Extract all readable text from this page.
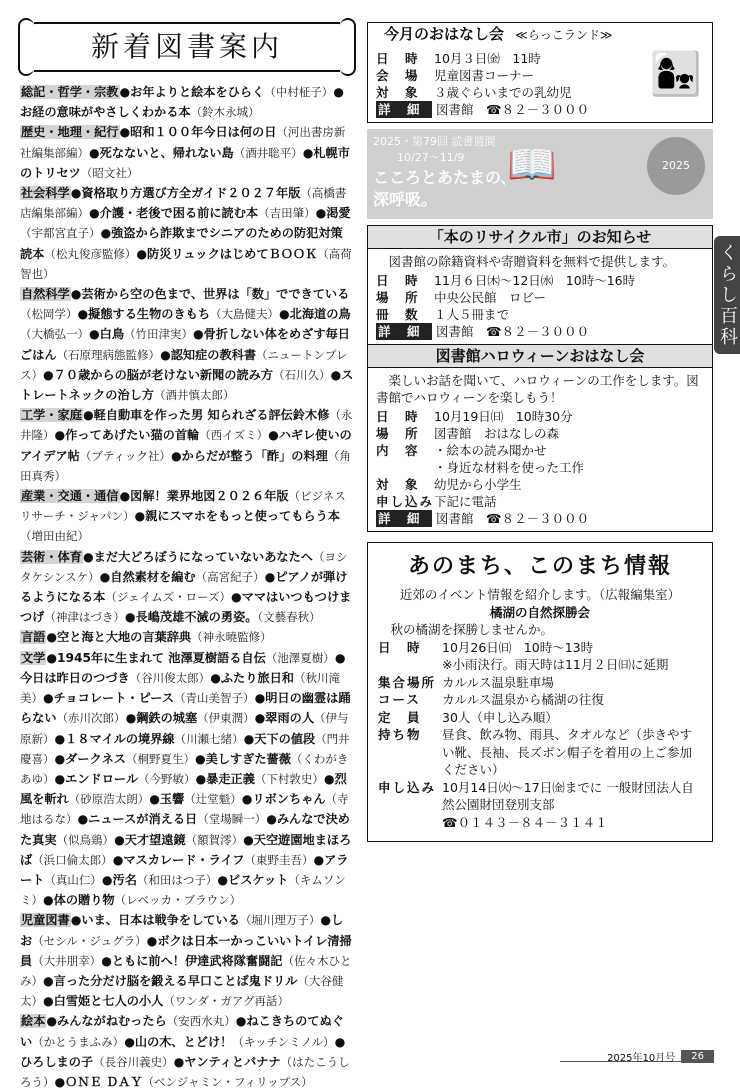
新着図書案内

総記・哲学・宗教●お年よりと絵本をひらく（中村柾子）●お経の意味がやさしくわかる本（鈴木永城）

歴史・地理・紀行●昭和１００年今日は何の日（河出書房新社編集部編）●死なないと、帰れない島（酒井聡平）●札幌市のトリセツ（昭文社）

社会科学●資格取り方選び方全ガイド２０２７年版（高橋書店編集部編）●介護・老後で困る前に読む本（吉田肇）●渇愛（宇都宮直子）●強盗から詐欺までシニアのための防犯対策読本（松丸俊彦監修）●防災リュックはじめてＢＯＯＫ（高荷智也）

自然科学●芸術から空の色まで、世界は「数」でできている（松岡学）●擬態する生物のきもち（大島健夫）●北海道の鳥（大橋弘一）●白鳥（竹田津実）●骨折しない体をめざす毎日ごはん（石原理病態監修）●認知症の教科書（ニュートンプレス）●７０歳からの脳が老けない新聞の読み方（石川久）●ストレートネックの治し方（酒井慎太郎）

工学・家庭●軽自動車を作った男 知られざる評伝鈴木修（永井隆）●作ってあげたい猫の首輪（西イズミ）●ハギレ使いのアイデア帖（ブティック社）●からだが整う「酢」の料理（角田真秀）

産業・交通・通信●図解！業界地図２０２６年版（ビジネスリサーチ・ジャパン）●親にスマホをもっと使ってもらう本（増田由紀）

芸術・体育●まだ大どろぼうになっていないあなたへ（ヨシタケシンスケ）●自然素材を編む（高宮紀子）●ピアノが弾けるようになる本（ジェイムズ・ローズ）●ママはいつもつけまつげ（神津はづき）●長嶋茂雄不滅の勇姿。（文藝春秋）

言語●空と海と大地の言葉辞典（神永曉監修）

文学●1945年に生まれて 池澤夏樹語る自伝（池澤夏樹）●今日は昨日のつづき（谷川俊太郎）●ふたり旅日和（秋川滝美）●チョコレート・ピース（青山美智子）●明日の幽霊は踊らない（赤川次郎）●鋼鉄の城塞（伊東潤）●翠雨の人（伊与原新）●１８マイルの境界線（川瀬七緒）●天下の値段（門井慶喜）●ダークネス（桐野夏生）●美しすぎた薔薇（くわがきあゆ）●エンドロール（今野敏）●暴走正義（下村敦史）●烈風を斬れ（砂原浩太朗）●玉響（辻堂魁）●リボンちゃん（寺地はるな）●ニュースが消える日（堂場瞬一）●みんなで決めた真実（似鳥鶏）●天才望遠鏡（額賀澪）●天空遊園地まほろば（浜口倫太郎）●マスカレード・ライフ（東野圭吾）●アラート（真山仁）●汚名（和田はつ子）●ビスケット（キムソンミ）●体の贈り物（レベッカ・ブラウン）

児童図書●いま、日本は戦争をしている（堀川理万子）●しお（セシル・ジュグラ）●ボクは日本一かっこいいトイレ清掃員（大井朋幸）●ともに前へ！伊達武将隊奮闘記（佐々木ひとみ）●言った分だけ脳を鍛える早口ことば鬼ドリル（大谷健太）●白雪姫と七人の小人（ワンダ・ガアグ再話）

絵本●みんながねむったら（安西水丸）●ねこきちのてぬぐい（かとうまふみ）●山の木、とどけ！（キッチンミノル）●ひろしまの子（長谷川義史）●ヤンティとバナナ（はたこうしろう）●ＯＮＥ ＤＡＹ（ベンジャミン・フィリップス）

今月のおはなし会 ≪らっこランド≫
日　時	10月３日㈮　11時
会　場	児童図書コーナー
対　象	３歳ぐらいまでの乳幼児
詳　細	図書館　☎８２－３０００
👩‍👧
2025・第79回 読書週間
10/27～11/9
こころとあたまの、
深呼吸。
📖	2025
「本のリサイクル市」のお知らせ

図書館の除籍資料や寄贈資料を無料で提供します。

日　時	11月６日㈭～12日㈬　10時～16時
場　所	中央公民館　ロビー
冊　数	１人５冊まで
詳　細	図書館　☎８２－３０００
図書館ハロウィーンおはなし会

楽しいお話を聞いて、ハロウィーンの工作をします。図書館でハロウィーンを楽しもう！

日　時	10月19日㈰　10時30分
場　所	図書館　おはなしの森
内　容	・絵本の読み聞かせ
・身近な材料を使った工作
対　象	幼児から小学生
申し込み 下記に電話
詳　細	図書館　☎８２－３０００

あのまち、このまち情報

近郊のイベント情報を紹介します。（広報編集室）
橘湖の自然探勝会
秋の橘湖を探勝しませんか。
日　時	10月26日㈰　10時～13時
※小雨決行。雨天時は11月２日㈰に延期
集合場所 カルルス温泉駐車場
コース	カルルス温泉から橘湖の往復
定　員	30人（申し込み順）
持ち物	昼食、飲み物、雨具、タオルなど（歩きやすい靴、長袖、長ズボン帽子を着用の上ご参加ください）
申し込み 10月14日㈫～17日㈮までに 一般財団法人自然公園財団登別支部
☎０１４３－８４－３１４１
くらし百科
2025年10月号	26
